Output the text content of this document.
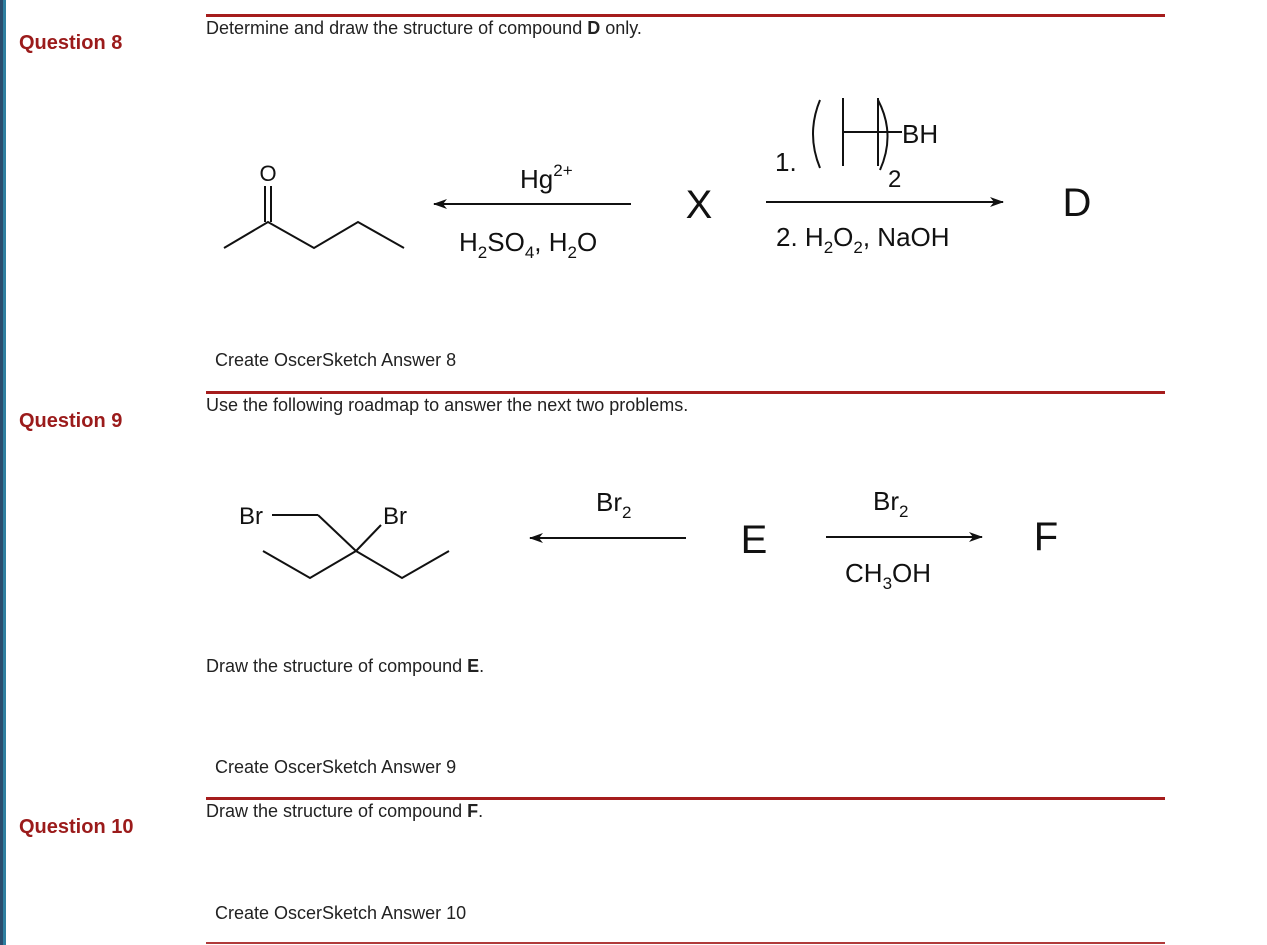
Question 8
Determine and draw the structure of compound D only.
Question 9
Use the following roadmap to answer the next two problems.
Create OscerSketch Answer 8
Draw the structure of compound E.
Create OscerSketch Answer 9
Question 10
Draw the structure of compound F.
Create OscerSketch Answer 10
O	$Hg^{2+}$
$H_2SO_4$, $H_2O$
X
1.
BH
2
2. $H_2O_2$, NaOH
D
Br	Br	$Br_2$
E
$Br_2$
$CH_3OH$
F
